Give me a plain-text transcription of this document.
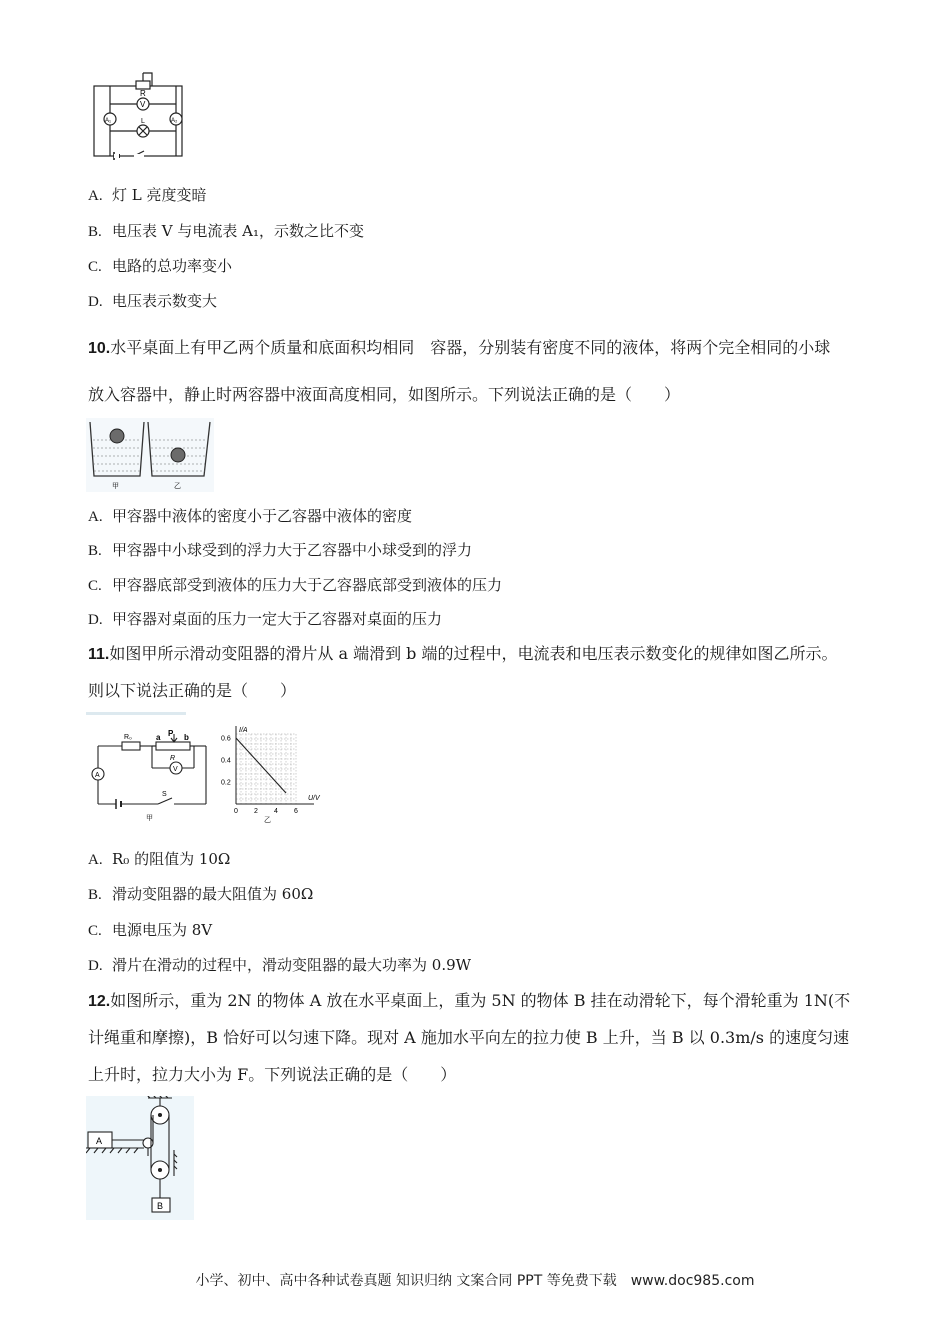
R
V
A₁	A₂
L
A. 灯 L 亮度变暗
B. 电压表 V 与电流表 A₁，示数之比不变
C. 电路的总功率变小
D. 电压表示数变大
10.水平桌面上有甲乙两个质量和底面积均相同　容器，分别装有密度不同的液体，将两个完全相同的小球
放入容器中，静止时两容器中液面高度相同，如图所示。下列说法正确的是（　　）
甲	乙
A. 甲容器中液体的密度小于乙容器中液体的密度
B. 甲容器中小球受到的浮力大于乙容器中小球受到的浮力
C. 甲容器底部受到液体的压力大于乙容器底部受到液体的压力
D. 甲容器对桌面的压力一定大于乙容器对桌面的压力
11.如图甲所示滑动变阻器的滑片从 a 端滑到 b 端的过程中，电流表和电压表示数变化的规律如图乙所示。
则以下说法正确的是（　　）
R₀	a P b
R
V
A
S
甲
0 2 4 6
0.2
0.4
0.6
I/A
U/V
乙
A. R₀ 的阻值为 10Ω
B. 滑动变阻器的最大阻值为 60Ω
C. 电源电压为 8V
D. 滑片在滑动的过程中，滑动变阻器的最大功率为 0.9W
12.如图所示，重为 2N 的物体 A 放在水平桌面上，重为 5N 的物体 B 挂在动滑轮下，每个滑轮重为 1N(不
计绳重和摩擦)，B 恰好可以匀速下降。现对 A 施加水平向左的拉力使 B 上升，当 B 以 0.3m/s 的速度匀速
上升时，拉力大小为 F。下列说法正确的是（　　）
A
B
小学、初中、高中各种试卷真题 知识归纳 文案合同 PPT 等免费下载　www.doc985.com
